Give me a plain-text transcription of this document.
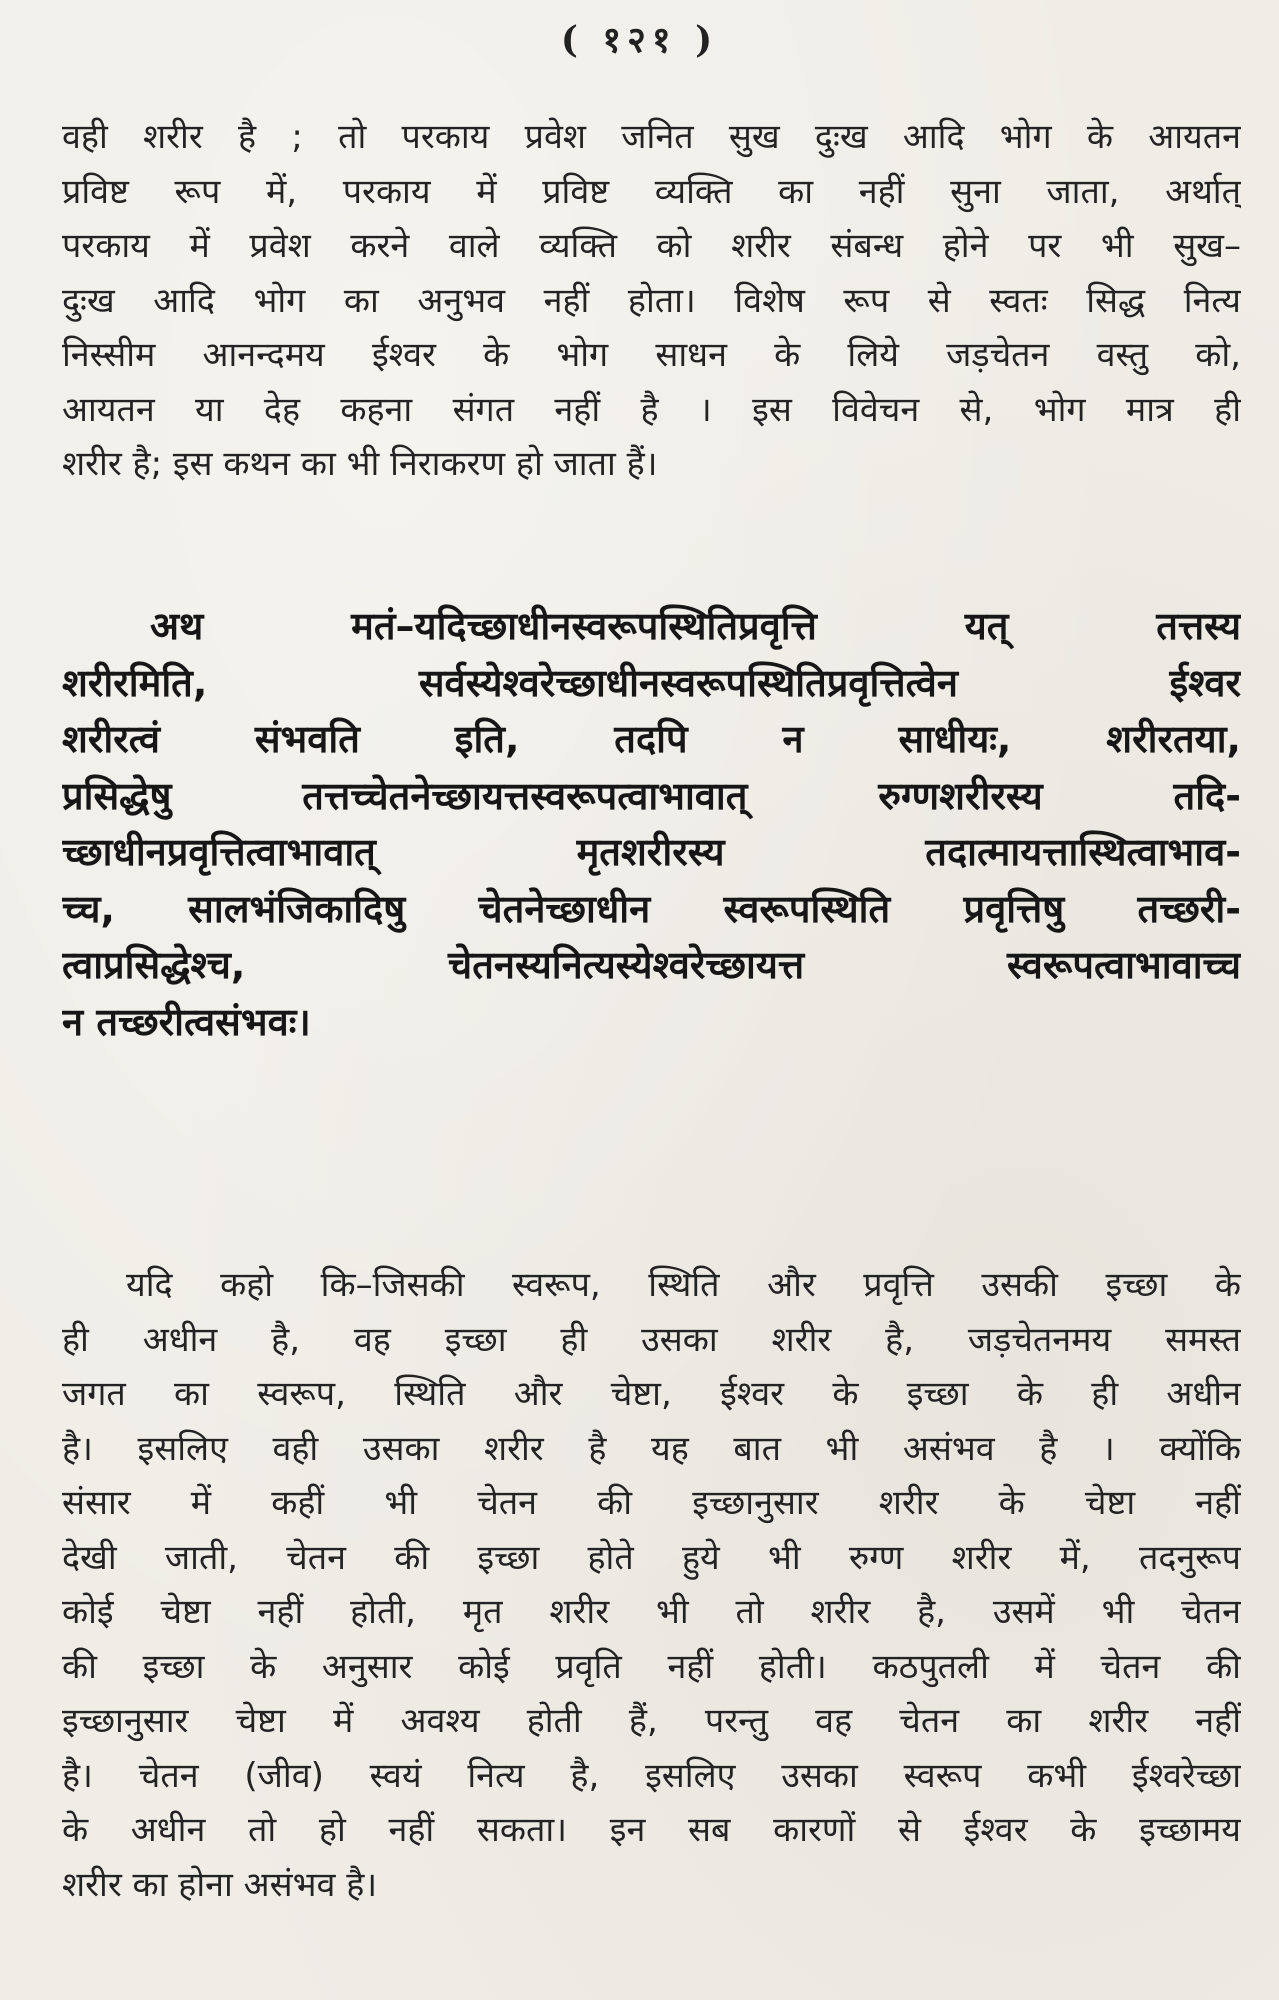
( १२१ )
वही शरीर है ; तो परकाय प्रवेश जनित सुख दुःख आदि भोग के आयतन
प्रविष्ट रूप में, परकाय में प्रविष्ट व्यक्ति का नहीं सुना जाता, अर्थात्
परकाय में प्रवेश करने वाले व्यक्ति को शरीर संबन्ध होने पर भी सुख–
दुःख आदि भोग का अनुभव नहीं होता। विशेष रूप से स्वतः सिद्ध नित्य
निस्सीम आनन्दमय ईश्वर के भोग साधन के लिये जड़चेतन वस्तु को,
आयतन या देह कहना संगत नहीं है । इस विवेचन से, भोग मात्र ही
शरीर है; इस कथन का भी निराकरण हो जाता हैं।
अथ मतं–यदिच्छाधीनस्वरूपस्थितिप्रवृत्ति यत् तत्तस्य
शरीरमिति, सर्वस्येश्वरेच्छाधीनस्वरूपस्थितिप्रवृत्तित्वेन ईश्वर
शरीरत्वं संभवति इति, तदपि न साधीयः, शरीरतया,
प्रसिद्धेषु तत्तच्चेतनेच्छायत्तस्वरूपत्वाभावात् रुग्णशरीरस्य तदि-
च्छाधीनप्रवृत्तित्वाभावात् मृतशरीरस्य तदात्मायत्तास्थित्वाभाव-
च्च, सालभंजिकादिषु चेतनेच्छाधीन स्वरूपस्थिति प्रवृत्तिषु तच्छरी-
त्वाप्रसिद्धेश्च, चेतनस्यनित्यस्येश्वरेच्छायत्त स्वरूपत्वाभावाच्च
न तच्छरीत्वसंभवः।
यदि कहो कि–जिसकी स्वरूप, स्थिति और प्रवृत्ति उसकी इच्छा के
ही अधीन है, वह इच्छा ही उसका शरीर है, जड़चेतनमय समस्त
जगत का स्वरूप, स्थिति और चेष्टा, ईश्वर के इच्छा के ही अधीन
है। इसलिए वही उसका शरीर है यह बात भी असंभव है । क्योंकि
संसार में कहीं भी चेतन की इच्छानुसार शरीर के चेष्टा नहीं
देखी जाती, चेतन की इच्छा होते हुये भी रुग्ण शरीर में, तदनुरूप
कोई चेष्टा नहीं होती, मृत शरीर भी तो शरीर है, उसमें भी चेतन
की इच्छा के अनुसार कोई प्रवृति नहीं होती। कठपुतली में चेतन की
इच्छानुसार चेष्टा में अवश्य होती हैं, परन्तु वह चेतन का शरीर नहीं
है। चेतन (जीव) स्वयं नित्य है, इसलिए उसका स्वरूप कभी ईश्वरेच्छा
के अधीन तो हो नहीं सकता। इन सब कारणों से ईश्वर के इच्छामय
शरीर का होना असंभव है।
